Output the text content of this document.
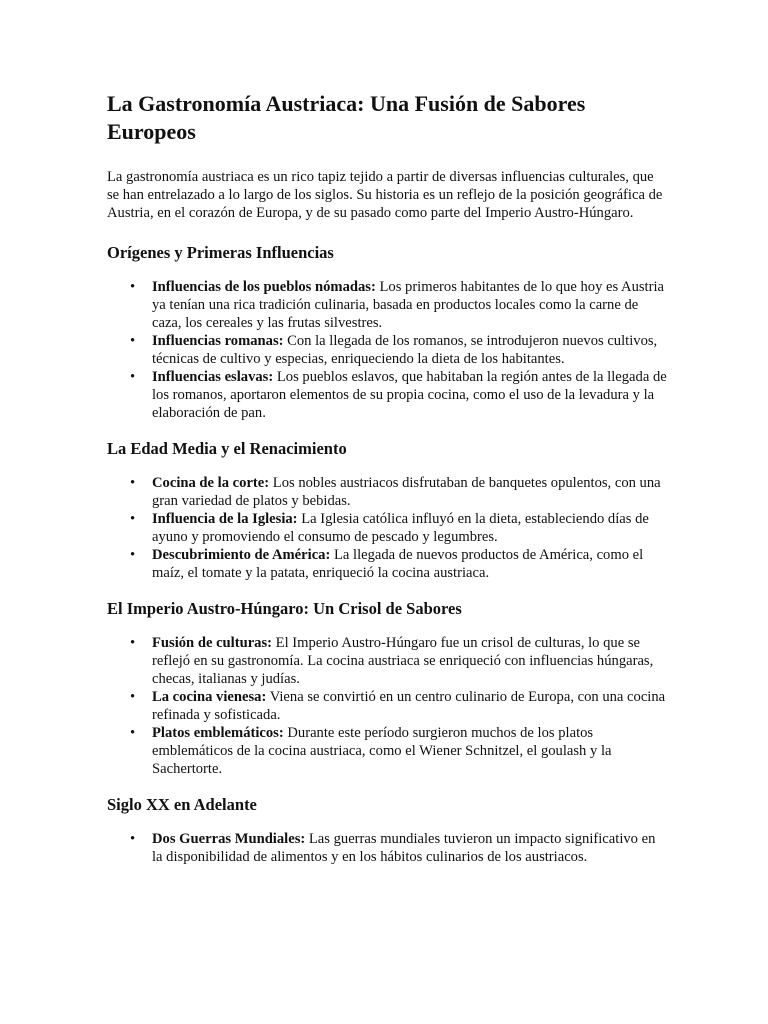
La Gastronomía Austriaca: Una Fusión de Sabores Europeos

La gastronomía austriaca es un rico tapiz tejido a partir de diversas influencias culturales, que se han entrelazado a lo largo de los siglos. Su historia es un reflejo de la posición geográfica de Austria, en el corazón de Europa, y de su pasado como parte del Imperio Austro-Húngaro.

Orígenes y Primeras Influencias
•	Influencias de los pueblos nómadas: Los primeros habitantes de lo que hoy es Austria ya tenían una rica tradición culinaria, basada en productos locales como la carne de caza, los cereales y las frutas silvestres.
•	Influencias romanas: Con la llegada de los romanos, se introdujeron nuevos cultivos, técnicas de cultivo y especias, enriqueciendo la dieta de los habitantes.
•	Influencias eslavas: Los pueblos eslavos, que habitaban la región antes de la llegada de los romanos, aportaron elementos de su propia cocina, como el uso de la levadura y la elaboración de pan.
La Edad Media y el Renacimiento
•	Cocina de la corte: Los nobles austriacos disfrutaban de banquetes opulentos, con una gran variedad de platos y bebidas.
•	Influencia de la Iglesia: La Iglesia católica influyó en la dieta, estableciendo días de ayuno y promoviendo el consumo de pescado y legumbres.
•	Descubrimiento de América: La llegada de nuevos productos de América, como el maíz, el tomate y la patata, enriqueció la cocina austriaca.
El Imperio Austro-Húngaro: Un Crisol de Sabores
•	Fusión de culturas: El Imperio Austro-Húngaro fue un crisol de culturas, lo que se reflejó en su gastronomía. La cocina austriaca se enriqueció con influencias húngaras, checas, italianas y judías.
•	La cocina vienesa: Viena se convirtió en un centro culinario de Europa, con una cocina refinada y sofisticada.
•	Platos emblemáticos: Durante este período surgieron muchos de los platos emblemáticos de la cocina austriaca, como el Wiener Schnitzel, el goulash y la Sachertorte.
Siglo XX en Adelante
•	Dos Guerras Mundiales: Las guerras mundiales tuvieron un impacto significativo en la disponibilidad de alimentos y en los hábitos culinarios de los austriacos.
